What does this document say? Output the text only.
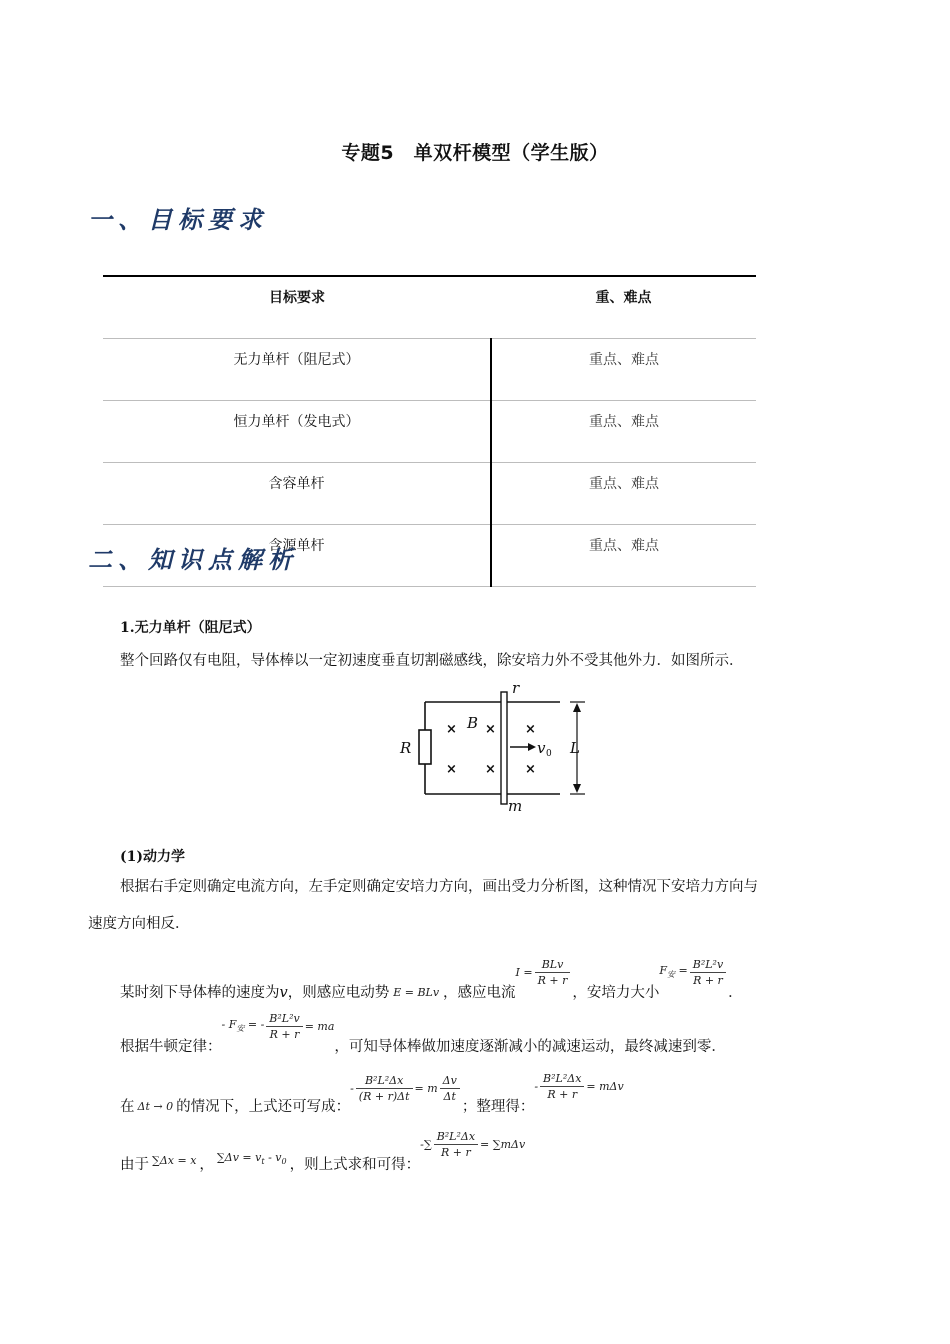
专题5　单双杆模型（学生版）
一、目标要求
目标要求	重、难点
无力单杆（阻尼式）	重点、难点
恒力单杆（发电式）	重点、难点
含容单杆	重点、难点
含源单杆	重点、难点
二、知识点解析
1.无力单杆（阻尼式）
整个回路仅有电阻，导体棒以一定初速度垂直切割磁感线，除安培力外不受其他外力．如图所示．
× × ×
× × ×
R
r
B
v L
m
0
(1)动力学
根据右手定则确定电流方向，左手定则确定安培力方向，画出受力分析图，这种情况下安培力方向与
速度方向相反．
某时刻下导体棒的速度为 v ，则感应电动势 E = BLv ，感应电流
$I = \frac{\text{BLv}}{R + r}$
，安培力大小
$F_安 = \frac{\text{B²L²v}}{R + r}$
．
根据牛顿定律：
- $F_安$ = - $\frac{\text{B²L²v}}{R + r}$ = ma
，可知导体棒做加速度逐渐减小的减速运动，最终减速到零．
在 Δt → 0 的情况下，上式还可写成：
- $\frac{\text{B²L²Δx}}{(R + r)\Delta t} = m \frac{\Delta v}{\Delta t}$
；整理得：
- $\frac{\text{B²L²Δx}}{R + r} = m\Delta v$
由于 ∑Δx = x ， $\sum\Delta v = v_t - v_0$ ，则上式求和可得：
-∑ $\frac{\text{B²L²Δx}}{R + r} = \sum m\Delta v$
